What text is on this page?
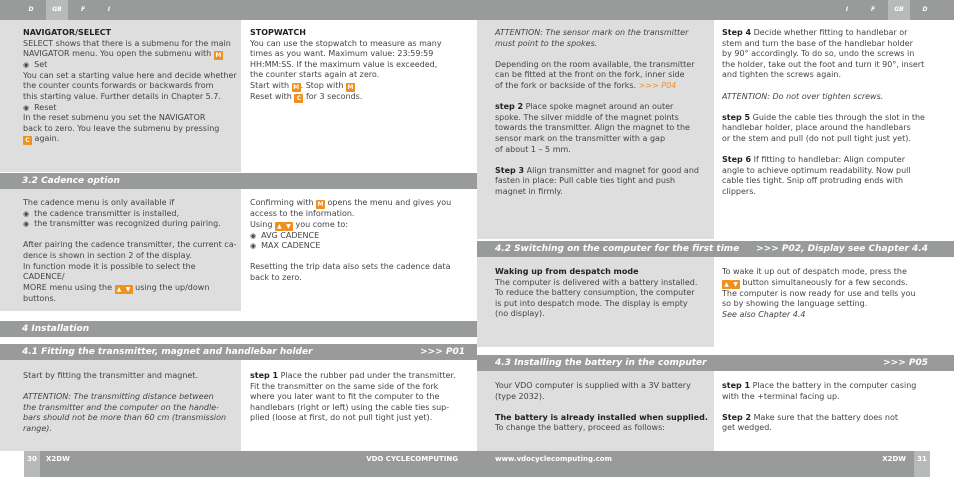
D	GB	F	I

NAVIGATOR/SELECT

SELECT shows that there is a submenu for the main

NAVIGATOR menu. You open the submenu with M

◉ Set

You can set a starting value here and decide whether

the counter counts forwards or backwards from

this starting value. Further details in Chapter 5.7.

◉ Reset

In the reset submenu you set the NAVIGATOR

back to zero. You leave the submenu by pressing

C again.

STOPWATCH

You can use the stopwatch to measure as many

times as you want. Maximum value: 23:59:59

HH:MM:SS. If the maximum value is exceeded,

the counter starts again at zero.

Start with M . Stop with M

Reset with C for 3 seconds.

3.2 Cadence option

The cadence menu is only available if

◉ the cadence transmitter is installed,

◉ the transmitter was recognized during pairing.

After pairing the cadence transmitter, the current ca-

dence is shown in section 2 of the display.

In function mode it is possible to select the CADENCE/

MORE menu using the ▲ ▼ using the up/down

buttons.

Confirming with M opens the menu and gives you

access to the information.

Using ▲ ▼ you come to:

◉ AVG CADENCE

◉ MAX CADENCE

Resetting the trip data also sets the cadence data

back to zero.

4 Installation
4.1 Fitting the transmitter, magnet and handlebar holder	>>> P01

Start by fitting the transmitter and magnet.

ATTENTION: The transmitting distance between

the transmitter and the computer on the handle-

bars should not be more than 60 cm (transmission

range).

step 1 Place the rubber pad under the transmitter.

Fit the transmitter on the same side of the fork

where you later want to fit the computer to the

handlebars (right or left) using the cable ties sup-

plied (loose at first, do not pull tight just yet).

30	X2DW	VDO CYCLECOMPUTING
I	F	GB	D

ATTENTION: The sensor mark on the transmitter

must point to the spokes.

Depending on the room available, the transmitter

can be fitted at the front on the fork, inner side

of the fork or backside of the forks. >>> P04

step 2 Place spoke magnet around an outer

spoke. The silver middle of the magnet points

towards the transmitter. Align the magnet to the

sensor mark on the transmitter with a gap

of about 1 – 5 mm.

Step 3 Align transmitter and magnet for good and

fasten in place: Pull cable ties tight and push

magnet in firmly.

Step 4 Decide whether fitting to handlebar or

stem and turn the base of the handlebar holder

by 90° accordingly. To do so, undo the screws in

the holder, take out the foot and turn it 90°, insert

and tighten the screws again.

ATTENTION: Do not over tighten screws.

step 5 Guide the cable ties through the slot in the

handlebar holder, place around the handlebars

or the stem and pull (do not pull tight just yet).

Step 6 If fitting to handlebar: Align computer

angle to achieve optimum readability. Now pull

cable ties tight. Snip off protruding ends with

clippers.

4.2 Switching on the computer for the first time >>> P02, Display see Chapter 4.4

Waking up from despatch mode

The computer is delivered with a battery installed.

To reduce the battery consumption, the computer

is put into despatch mode. The display is empty

(no display).

To wake it up out of despatch mode, press the

▲ ▼ button simultaneously for a few seconds.

The computer is now ready for use and tells you

so by showing the language setting.

See also Chapter 4.4

4.3 Installing the battery in the computer	>>> P05

Your VDO computer is supplied with a 3V battery

(type 2032).

The battery is already installed when supplied.

To change the battery, proceed as follows:

step 1 Place the battery in the computer casing

with the +terminal facing up.

Step 2 Make sure that the battery does not

get wedged.

www.vdocyclecomputing.com	X2DW	31
